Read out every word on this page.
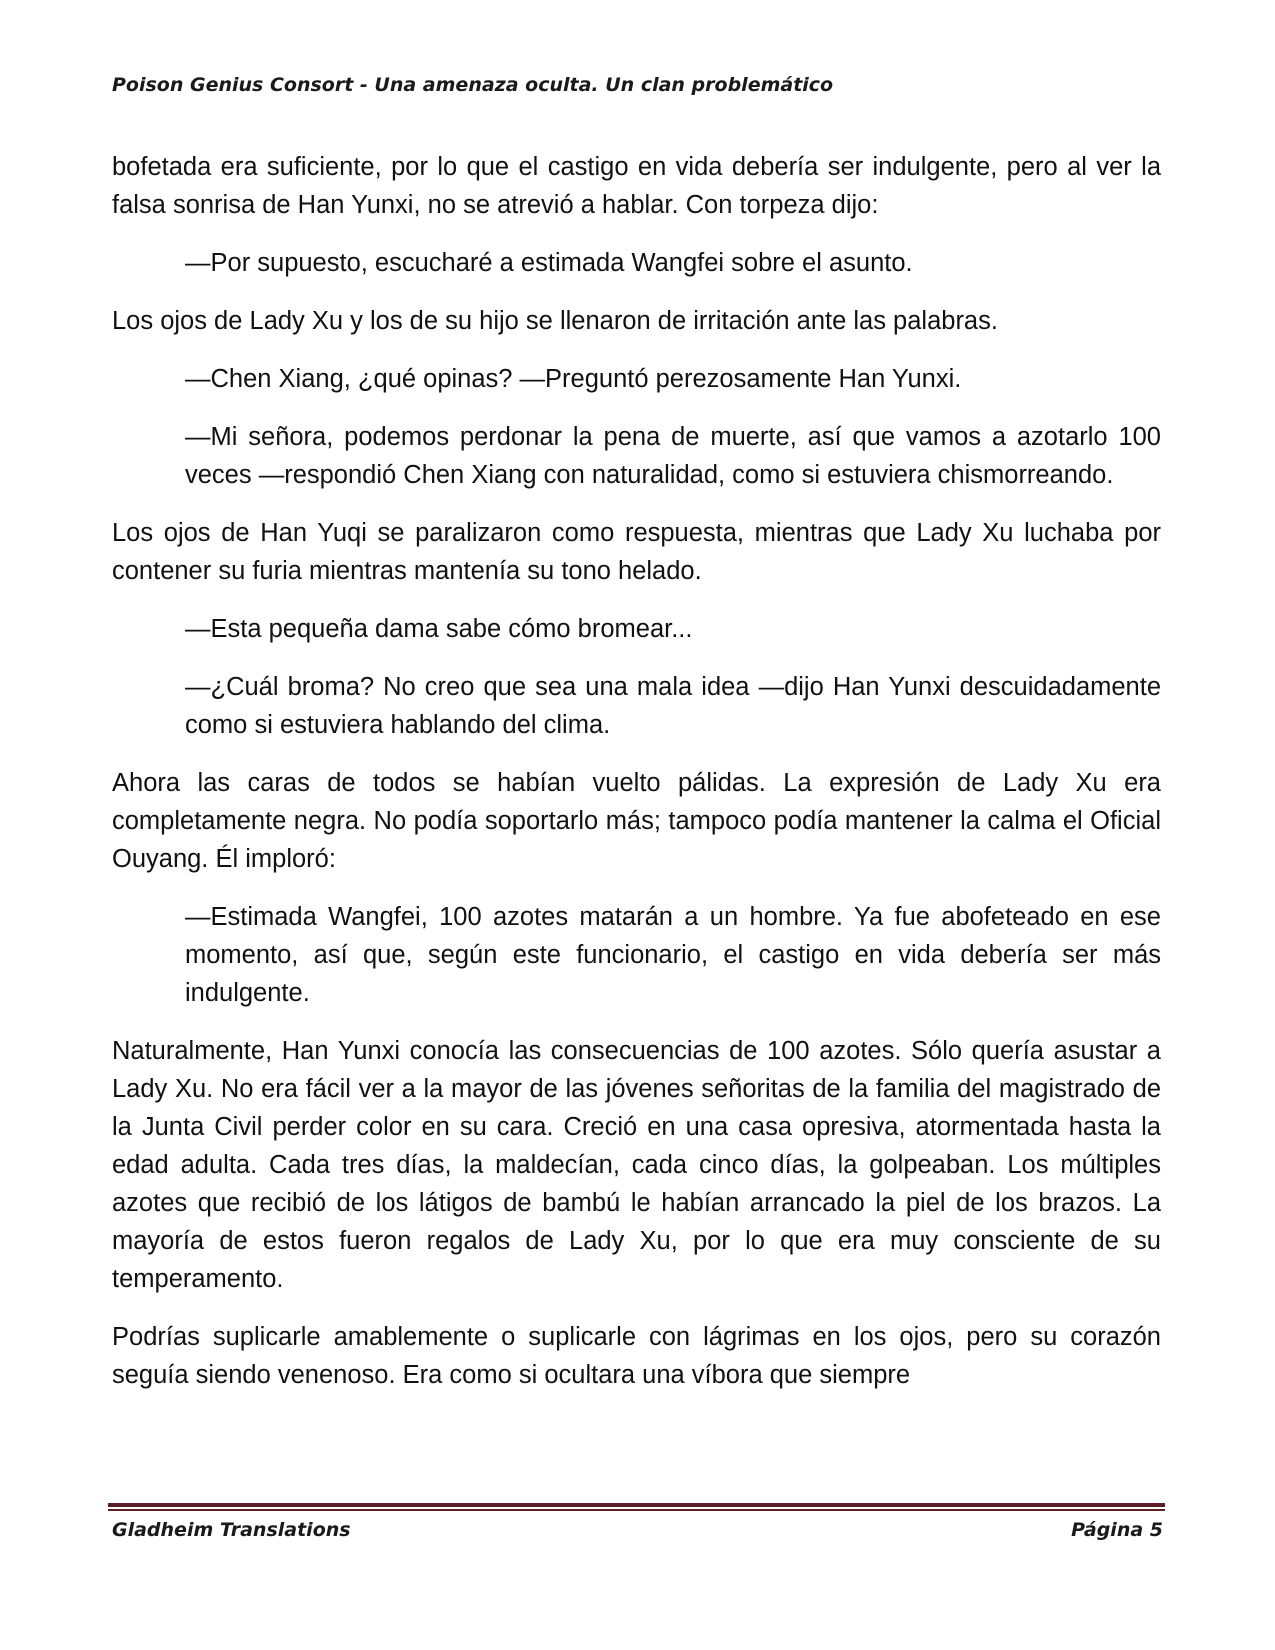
Poison Genius Consort - Una amenaza oculta. Un clan problemático

bofetada era suficiente, por lo que el castigo en vida debería ser indulgente, pero al ver la falsa sonrisa de Han Yunxi, no se atrevió a hablar. Con torpeza dijo:

—Por supuesto, escucharé a estimada Wangfei sobre el asunto.

Los ojos de Lady Xu y los de su hijo se llenaron de irritación ante las palabras.

—Chen Xiang, ¿qué opinas? —Preguntó perezosamente Han Yunxi.

—Mi señora, podemos perdonar la pena de muerte, así que vamos a azotarlo 100 veces —respondió Chen Xiang con naturalidad, como si estuviera chismorreando.

Los ojos de Han Yuqi se paralizaron como respuesta, mientras que Lady Xu luchaba por contener su furia mientras mantenía su tono helado.

—Esta pequeña dama sabe cómo bromear...

—¿Cuál broma? No creo que sea una mala idea —dijo Han Yunxi descuidadamente como si estuviera hablando del clima.

Ahora las caras de todos se habían vuelto pálidas. La expresión de Lady Xu era completamente negra. No podía soportarlo más; tampoco podía mantener la calma el Oficial Ouyang. Él imploró:

—Estimada Wangfei, 100 azotes matarán a un hombre. Ya fue abofeteado en ese momento, así que, según este funcionario, el castigo en vida debería ser más indulgente.

Naturalmente, Han Yunxi conocía las consecuencias de 100 azotes. Sólo quería asustar a Lady Xu. No era fácil ver a la mayor de las jóvenes señoritas de la familia del magistrado de la Junta Civil perder color en su cara. Creció en una casa opresiva, atormentada hasta la edad adulta. Cada tres días, la maldecían, cada cinco días, la golpeaban. Los múltiples azotes que recibió de los látigos de bambú le habían arrancado la piel de los brazos. La mayoría de estos fueron regalos de Lady Xu, por lo que era muy consciente de su temperamento.

Podrías suplicarle amablemente o suplicarle con lágrimas en los ojos, pero su corazón seguía siendo venenoso. Era como si ocultara una víbora que siempre

Gladheim Translations	Página 5
